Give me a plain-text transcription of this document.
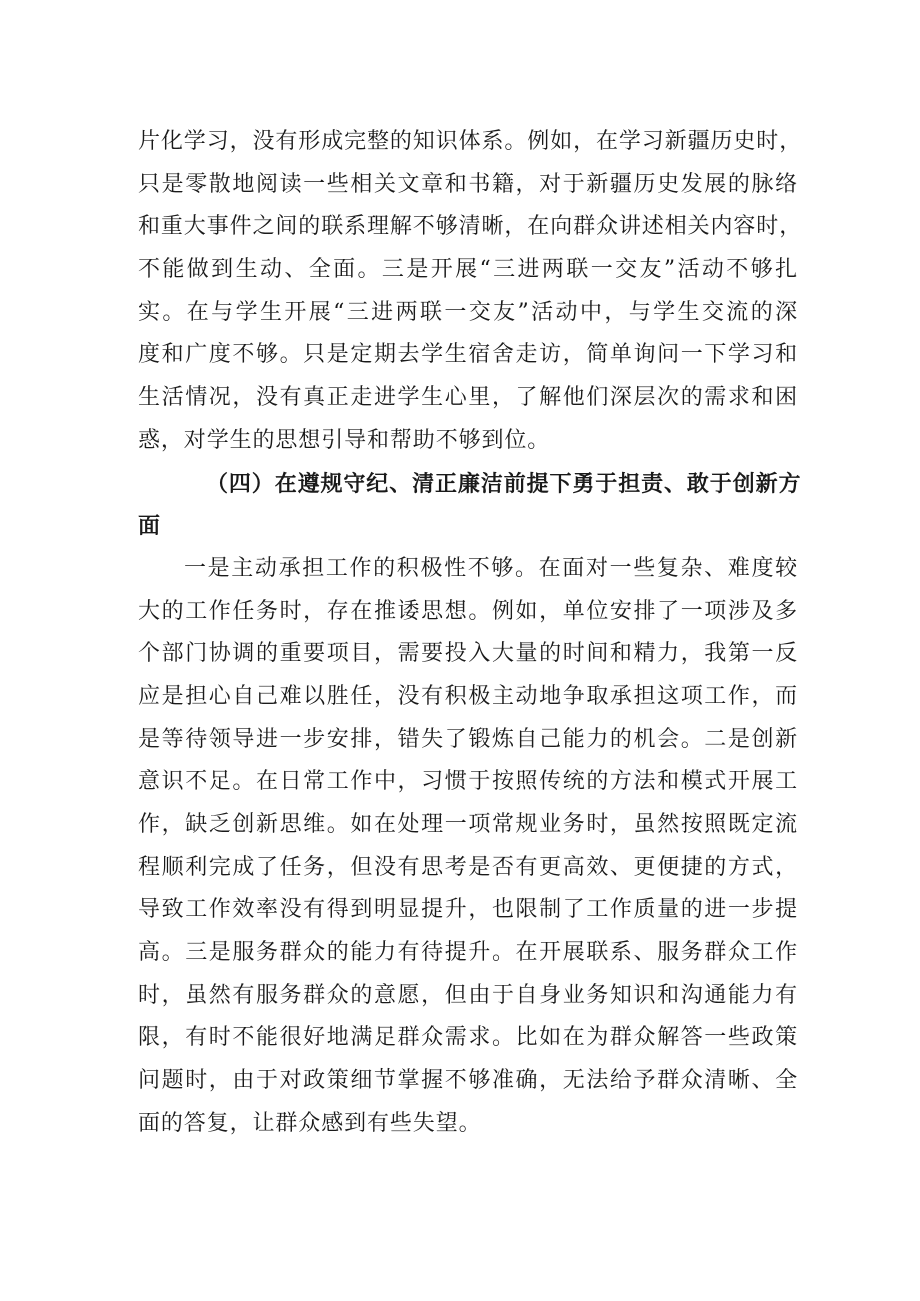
片化学习，没有形成完整的知识体系。例如，在学习新疆历史时，
只是零散地阅读一些相关文章和书籍，对于新疆历史发展的脉络
和重大事件之间的联系理解不够清晰，在向群众讲述相关内容时，
不能做到生动、全面。三是开展“三进两联一交友”活动不够扎
实。在与学生开展“三进两联一交友”活动中，与学生交流的深
度和广度不够。只是定期去学生宿舍走访，简单询问一下学习和
生活情况，没有真正走进学生心里，了解他们深层次的需求和困
惑，对学生的思想引导和帮助不够到位。
（四）在遵规守纪、清正廉洁前提下勇于担责、敢于创新方
面
一是主动承担工作的积极性不够。在面对一些复杂、难度较
大的工作任务时，存在推诿思想。例如，单位安排了一项涉及多
个部门协调的重要项目，需要投入大量的时间和精力，我第一反
应是担心自己难以胜任，没有积极主动地争取承担这项工作，而
是等待领导进一步安排，错失了锻炼自己能力的机会。二是创新
意识不足。在日常工作中，习惯于按照传统的方法和模式开展工
作，缺乏创新思维。如在处理一项常规业务时，虽然按照既定流
程顺利完成了任务，但没有思考是否有更高效、更便捷的方式，
导致工作效率没有得到明显提升，也限制了工作质量的进一步提
高。三是服务群众的能力有待提升。在开展联系、服务群众工作
时，虽然有服务群众的意愿，但由于自身业务知识和沟通能力有
限，有时不能很好地满足群众需求。比如在为群众解答一些政策
问题时，由于对政策细节掌握不够准确，无法给予群众清晰、全
面的答复，让群众感到有些失望。
